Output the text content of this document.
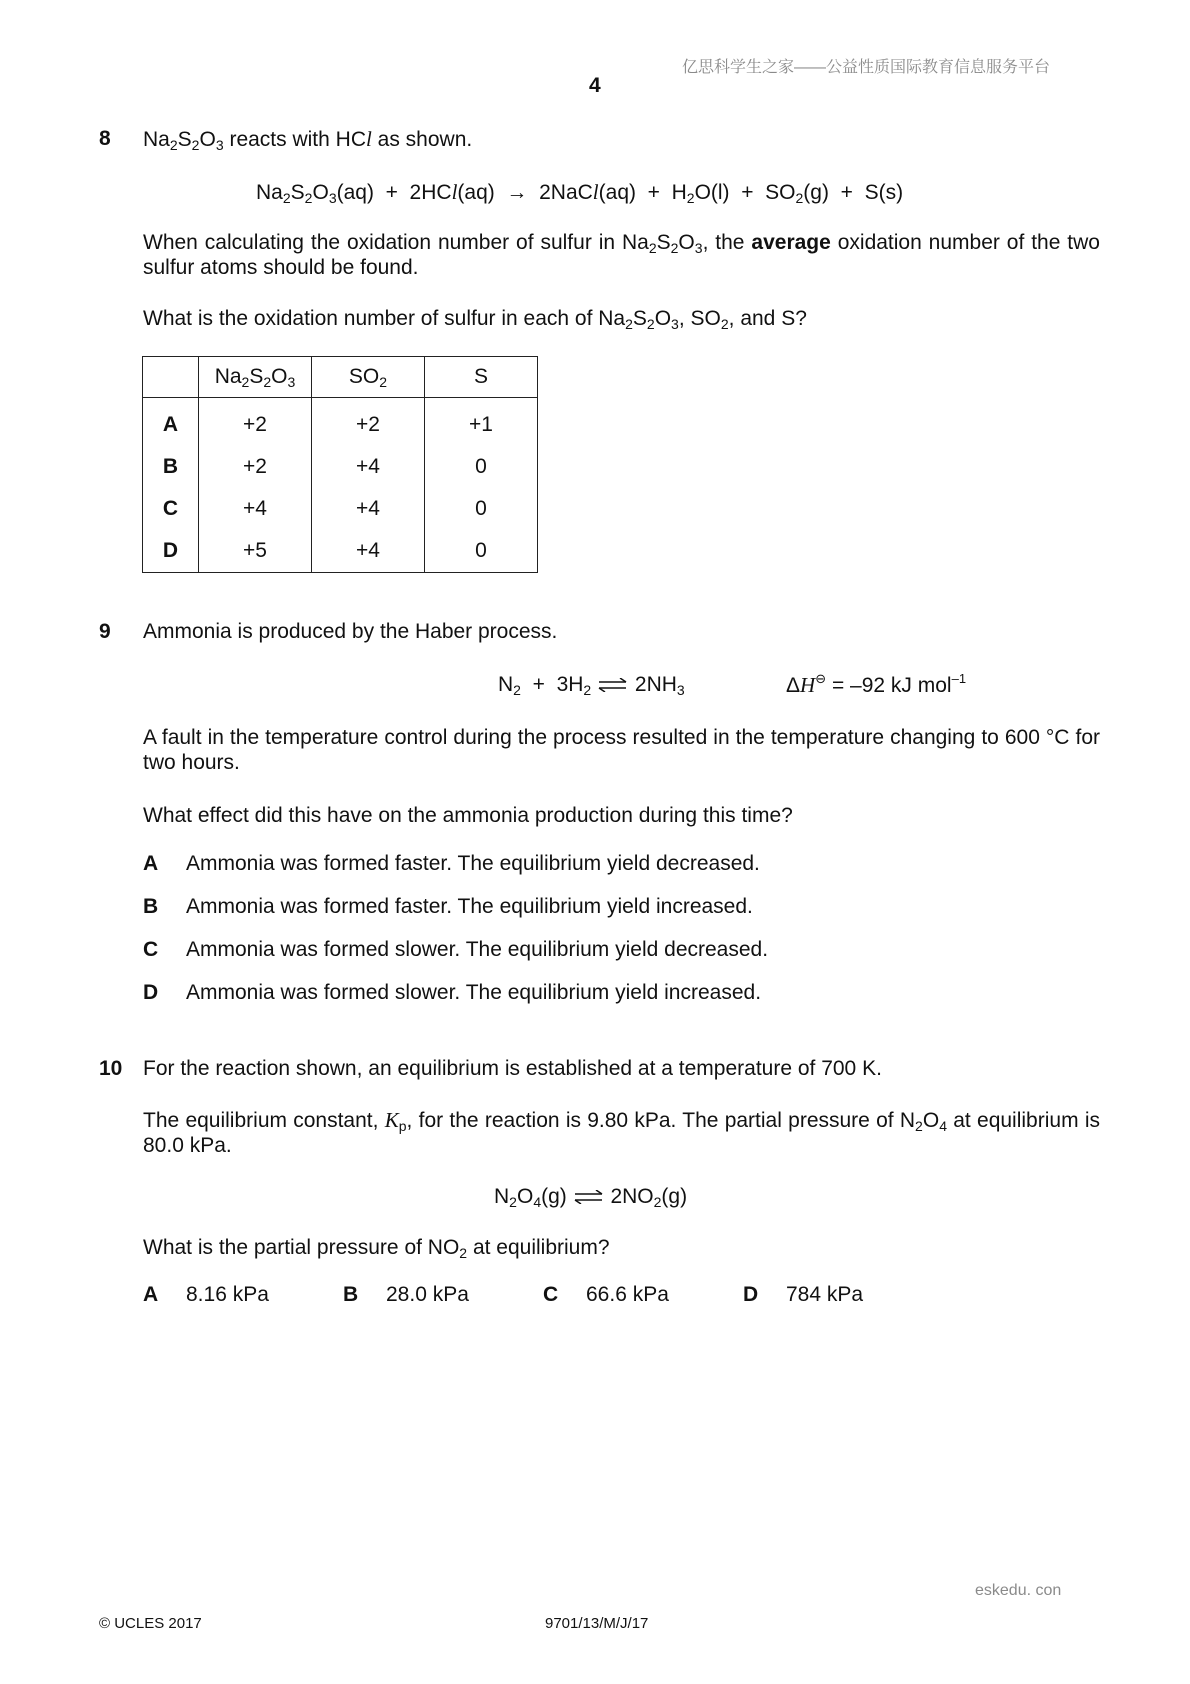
亿思科学生之家——公益性质国际教育信息服务平台
4
8 $Na_2S_2O_3$ reacts with HCl as shown.
$Na_2S_2O_3(aq) + 2HCl(aq)$  →  2NaCl(aq)  +  $H_2O(l) + SO_2(g) + S(s)$
When calculating the oxidation number of sulfur in $Na_2S_2O_3$, the average oxidation number of the two sulfur atoms should be found.
What is the oxidation number of sulfur in each of $Na_2S_2O_3$, $SO_2$, and S?
	$Na_2S_2O_3$	$SO_2$	S
A	+2	+2	+1
B	+2	+4	0
C	+4	+4	0
D	+5	+4	0
9 Ammonia is produced by the Haber process.
$N_2 + 3H_2$ ⇌ $2NH_3$	ΔH⊖ = –92 kJ mol$^{-1}$
A fault in the temperature control during the process resulted in the temperature changing to 600 °C for two hours.
What effect did this have on the ammonia production during this time?
A Ammonia was formed faster. The equilibrium yield decreased.
B Ammonia was formed faster. The equilibrium yield increased.
C Ammonia was formed slower. The equilibrium yield decreased.
D Ammonia was formed slower. The equilibrium yield increased.
10 For the reaction shown, an equilibrium is established at a temperature of 700 K.
The equilibrium constant, $K_p$, for the reaction is 9.80 kPa. The partial pressure of $N_2O_4$ at equilibrium is 80.0 kPa.
$N_2O_4(g)$ ⇌ $2NO_2(g)$
What is the partial pressure of $NO_2$ at equilibrium?
A 8.16 kPa	B 28.0 kPa	C 66.6 kPa	D 784 kPa
eskedu. con
© UCLES 2017	9701/13/M/J/17
